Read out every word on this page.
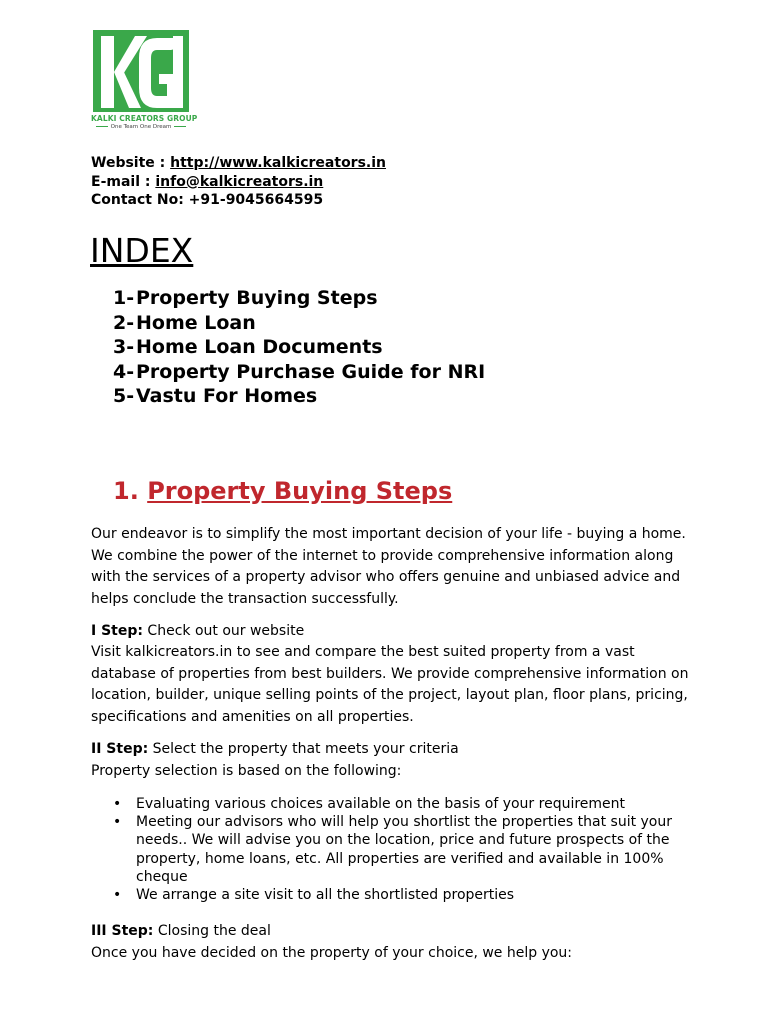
KALKI CREATORS GROUP
One Team One Dream
Website : http://www.kalkicreators.in
E-mail : info@kalkicreators.in
Contact No: +91-9045664595
INDEX
1-Property Buying Steps
2-Home Loan
3-Home Loan Documents
4-Property Purchase Guide for NRI
5-Vastu For Homes
1. Property Buying Steps

Our endeavor is to simplify the most important decision of your life - buying a home. We combine the power of the internet to provide comprehensive information along with the services of a property advisor who offers genuine and unbiased advice and helps conclude the transaction successfully.

I Step: Check out our website

Visit kalkicreators.in to see and compare the best suited property from a vast database of properties from best builders. We provide comprehensive information on location, builder, unique selling points of the project, layout plan, floor plans, pricing, specifications and amenities on all properties.

II Step: Select the property that meets your criteria

Property selection is based on the following:

• Evaluating various choices available on the basis of your requirement
• Meeting our advisors who will help you shortlist the properties that suit your needs.. We will advise you on the location, price and future prospects of the property, home loans, etc. All properties are verified and available in 100% cheque
• We arrange a site visit to all the shortlisted properties

III Step: Closing the deal

Once you have decided on the property of your choice, we help you:
